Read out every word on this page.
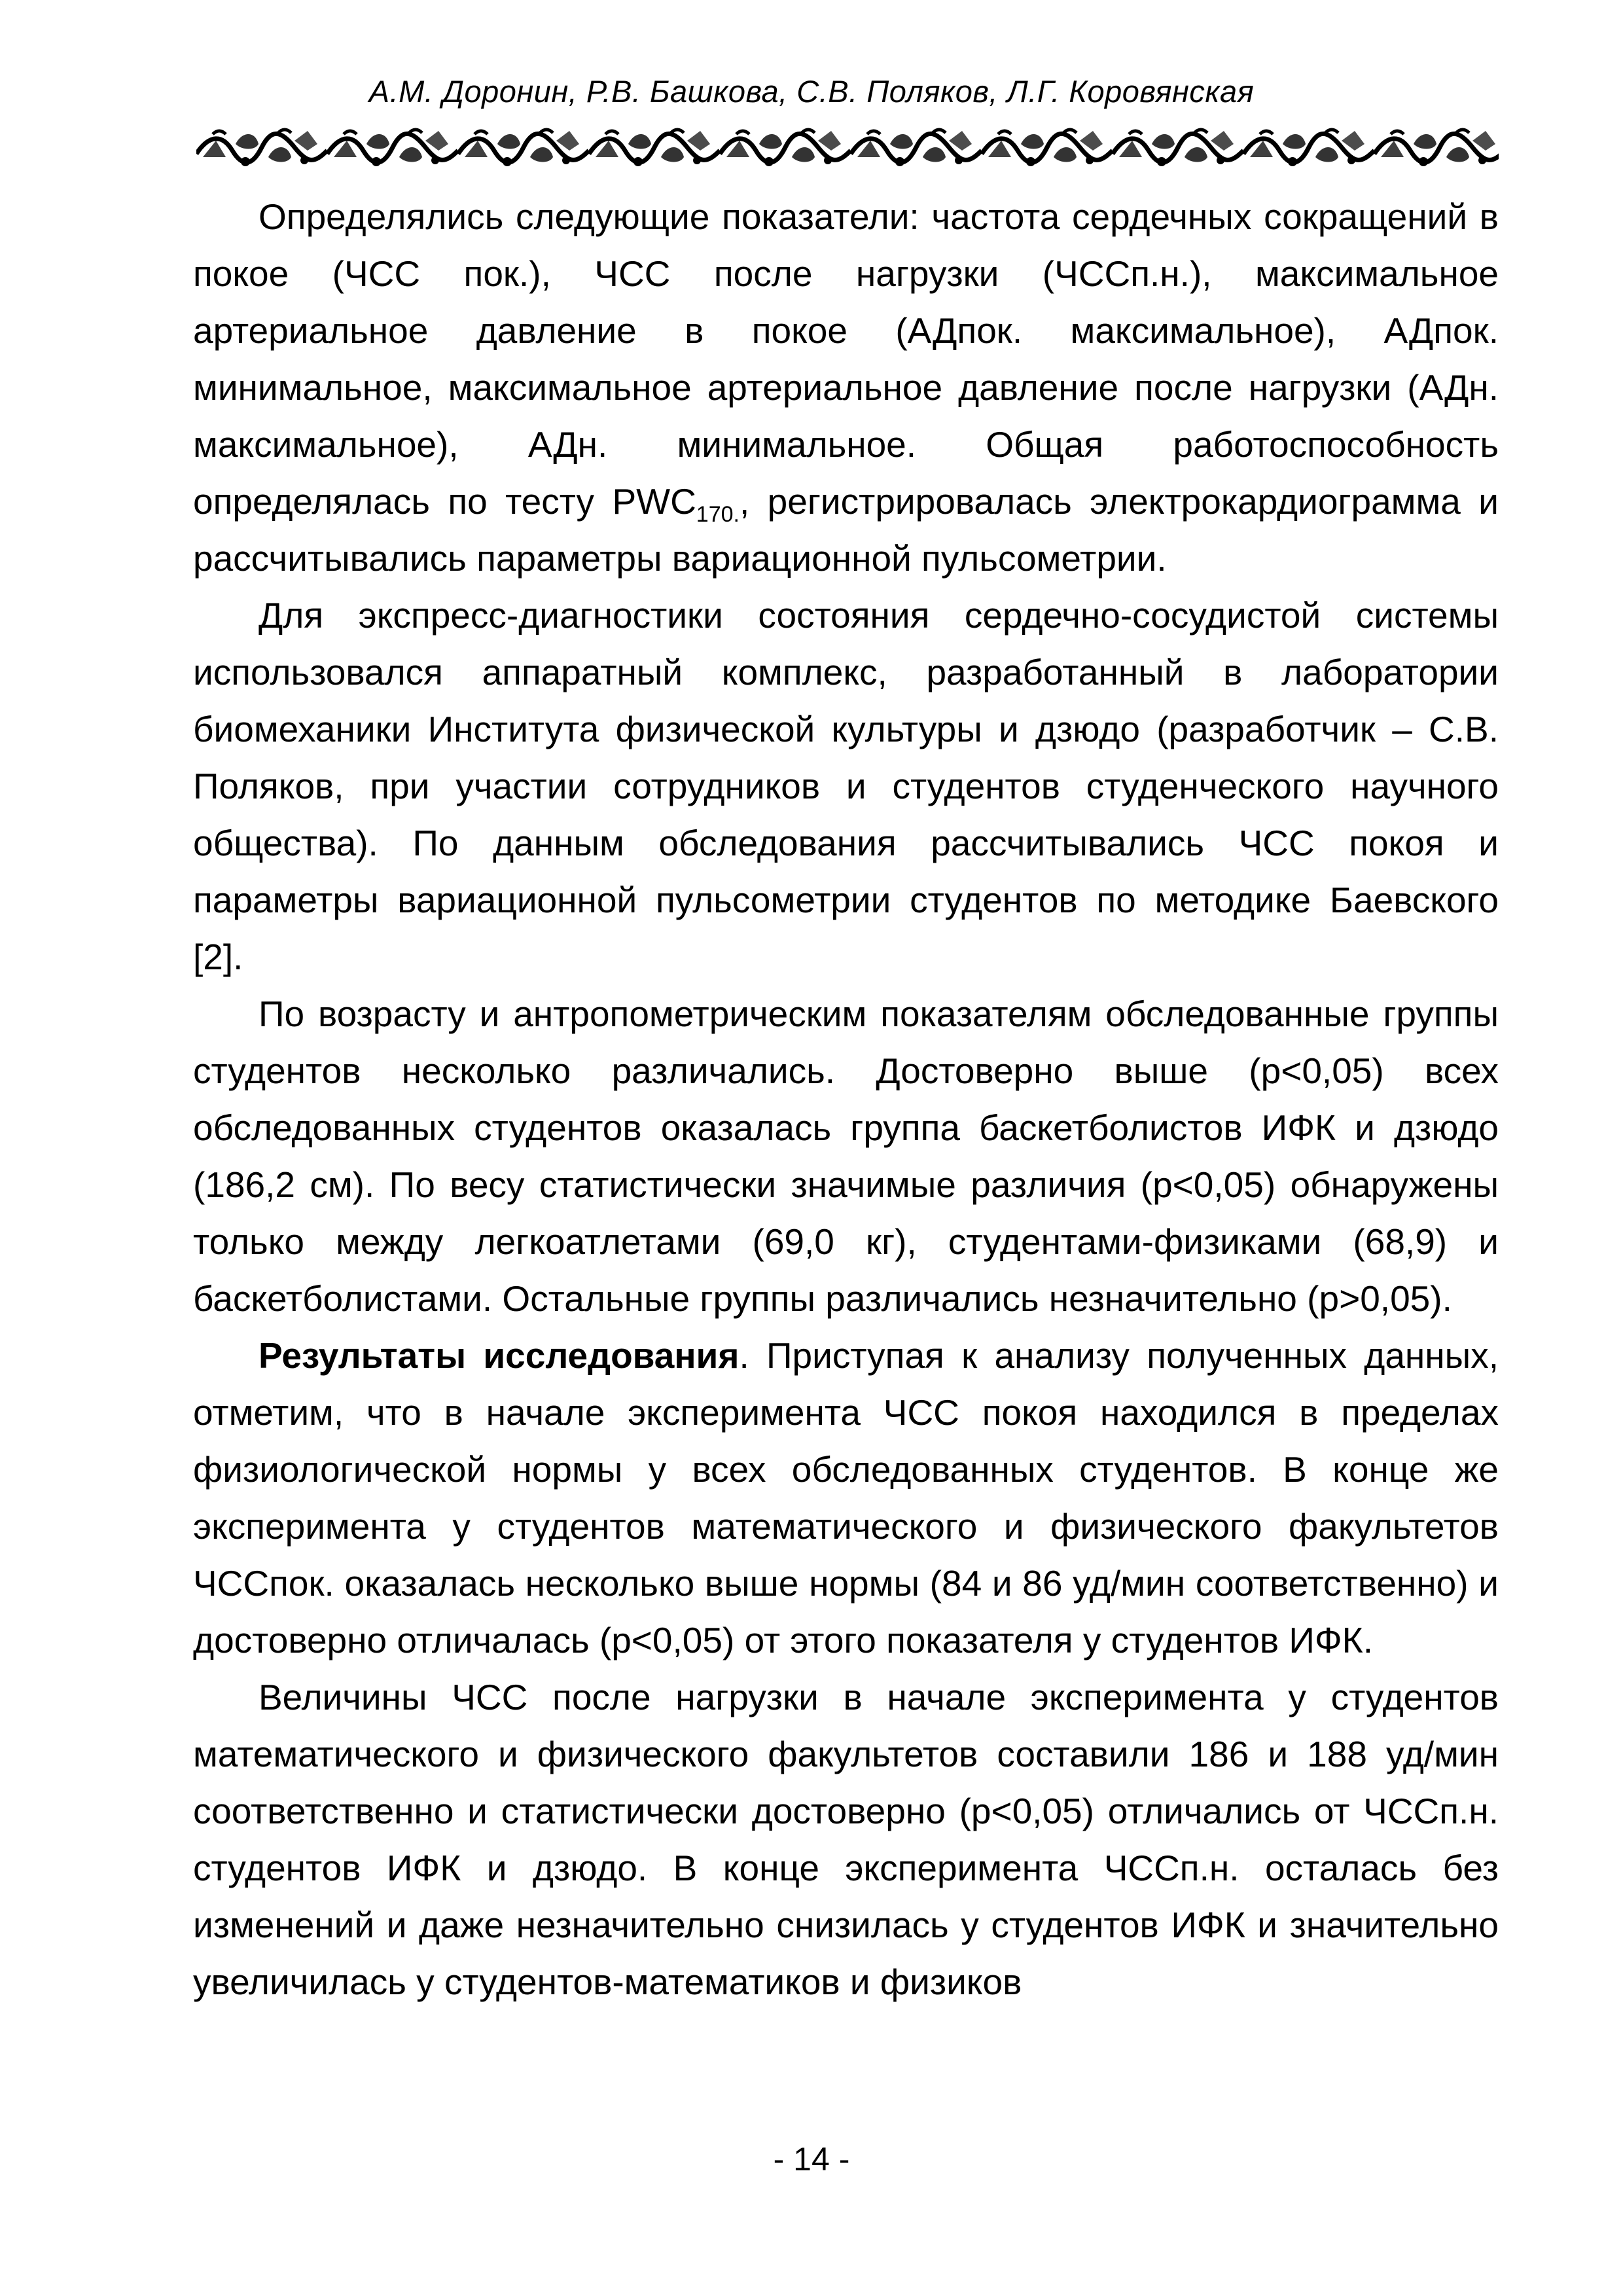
А.М. Доронин, Р.В. Башкова, С.В. Поляков, Л.Г. Коровянская

Определялись следующие показатели: частота сердечных сокращений в покое (ЧСС пок.), ЧСС после нагрузки (ЧССп.н.), максимальное артериальное давление в покое (АДпок. максимальное), АДпок. минимальное, максимальное артериальное давление после нагрузки (АДн. максимальное), АДн. минимальное. Общая работоспособность определялась по тесту $PWC_{170.}$, регистрировалась электрокардиограмма и рассчитывались параметры вариационной пульсометрии.

Для экспресс-диагностики состояния сердечно-сосудистой системы использовался аппаратный комплекс, разработанный в лаборатории биомеханики Института физической культуры и дзюдо (разработчик – С.В. Поляков, при участии сотрудников и студентов студенческого научного общества). По данным обследования рассчитывались ЧСС покоя и параметры вариационной пульсометрии студентов по методике Баевского [2].

По возрасту и антропометрическим показателям обследованные группы студентов несколько различались. Достоверно выше (р<0,05) всех обследованных студентов оказалась группа баскетболистов ИФК и дзюдо (186,2 см). По весу статистически значимые различия (р<0,05) обнаружены только между легкоатлетами (69,0 кг), студентами-физиками (68,9) и баскетболистами. Остальные группы различались незначительно (р>0,05).

Результаты исследования. Приступая к анализу полученных данных, отметим, что в начале эксперимента ЧСС покоя находился в пределах физиологической нормы у всех обследованных студентов. В конце же эксперимента у студентов математического и физического факультетов ЧССпок. оказалась несколько выше нормы (84 и 86 уд/мин соответственно) и достоверно отличалась (р<0,05) от этого показателя у студентов ИФК.

Величины ЧСС после нагрузки в начале эксперимента у студентов математического и физического факультетов составили 186 и 188 уд/мин соответственно и статистически достоверно (р<0,05) отличались от ЧССп.н. студентов ИФК и дзюдо. В конце эксперимента ЧССп.н. осталась без изменений и даже незначительно снизилась у студентов ИФК и значительно увеличилась у студентов-математиков и физиков

- 14 -
